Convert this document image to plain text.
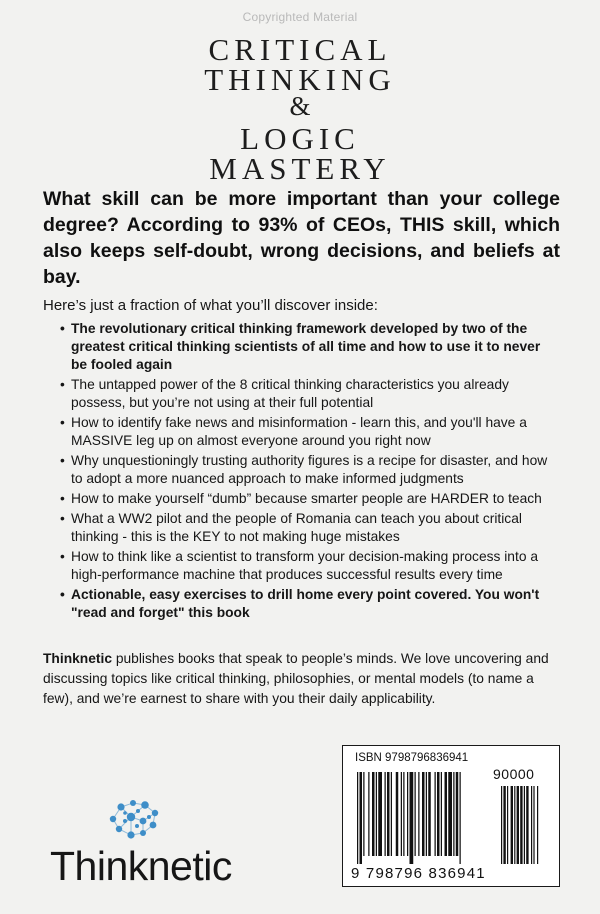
Copyrighted Material
CRITICAL
THINKING
&
LOGIC
MASTERY
What skill can be more important than your college degree? According to 93% of CEOs, THIS skill, which also keeps self-doubt, wrong decisions, and beliefs at bay.
Here’s just a fraction of what you’ll discover inside:
• The revolutionary critical thinking framework developed by two of the greatest critical thinking scientists of all time and how to use it to never be fooled again
• The untapped power of the 8 critical thinking characteristics you already possess, but you’re not using at their full potential
• How to identify fake news and misinformation - learn this, and you'll have a MASSIVE leg up on almost everyone around you right now
• Why unquestioningly trusting authority figures is a recipe for disaster, and how to adopt a more nuanced approach to make informed judgments
• How to make yourself “dumb” because smarter people are HARDER to teach
• What a WW2 pilot and the people of Romania can teach you about critical thinking - this is the KEY to not making huge mistakes
• How to think like a scientist to transform your decision-making process into a high-performance machine that produces successful results every time
• Actionable, easy exercises to drill home every point covered. You won't "read and forget" this book
Thinknetic publishes books that speak to people’s minds. We love uncovering and discussing topics like critical thinking, philosophies, or mental models (to name a few), and we’re earnest to share with you their daily applicability.
Thinknetic
ISBN 9798796836941
90000
9 798796 836941
